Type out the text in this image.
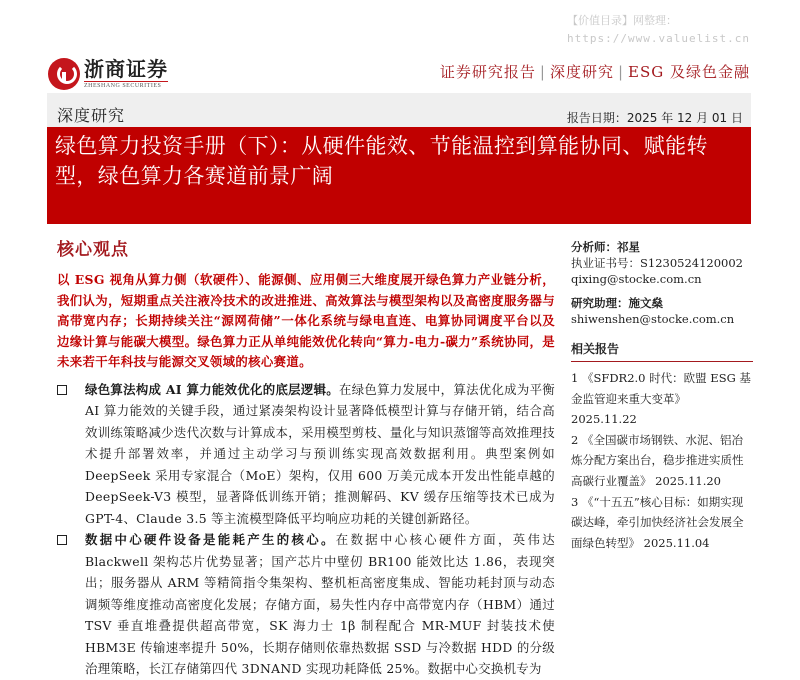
【价值目录】网整理：
https://www.valuelist.cn
浙商证券
ZHESHANG SECURITIES
证券研究报告 | 深度研究 | ESG 及绿色金融
深度研究	报告日期：2025 年 12 月 01 日
绿色算力投资手册（下）：从硬件能效、节能温控到算能协同、赋能转型，绿色算力各赛道前景广阔
核心观点
以 ESG 视角从算力侧（软硬件）、能源侧、应用侧三大维度展开绿色算力产业链分析，我们认为，短期重点关注液冷技术的改进推进、高效算法与模型架构以及高密度服务器与高带宽内存；长期持续关注“源网荷储”一体化系统与绿电直连、电算协同调度平台以及边缘计算与能碳大模型。绿色算力正从单纯能效优化转向“算力-电力-碳力”系统协同，是未来若干年科技与能源交叉领域的核心赛道。
绿色算法构成 AI 算力能效优化的底层逻辑。在绿色算力发展中，算法优化成为平衡 AI 算力能效的关键手段，通过紧凑架构设计显著降低模型计算与存储开销，结合高效训练策略减少迭代次数与计算成本，采用模型剪枝、量化与知识蒸馏等高效推理技术提升部署效率，并通过主动学习与预训练实现高效数据利用。典型案例如 DeepSeek 采用专家混合（MoE）架构，仅用 600 万美元成本开发出性能卓越的 DeepSeek-V3 模型，显著降低训练开销；推测解码、KV 缓存压缩等技术已成为 GPT-4、Claude 3.5 等主流模型降低平均响应功耗的关键创新路径。
数据中心硬件设备是能耗产生的核心。在数据中心核心硬件方面，英伟达 Blackwell 架构芯片优势显著；国产芯片中壁仞 BR100 能效比达 1.86，表现突出；服务器从 ARM 等精简指令集架构、整机柜高密度集成、智能功耗封顶与动态调频等维度推动高密度化发展；存储方面，易失性内存中高带宽内存（HBM）通过 TSV 垂直堆叠提供超高带宽，SK 海力士 1β 制程配合 MR-MUF 封装技术使 HBM3E 传输速率提升 50%，长期存储则依靠热数据 SSD 与冷数据 HDD 的分级治理策略，长江存储第四代 3DNAND 实现功耗降低 25%。数据中心交换机专为
分析师：祁星
执业证书号：S1230524120002
qixing@stocke.com.cn
研究助理：施文燊
shiwenshen@stocke.com.cn
相关报告
1 《SFDR2.0 时代：欧盟 ESG 基金监管迎来重大变革》 2025.11.22
2 《全国碳市场钢铁、水泥、铝冶炼分配方案出台，稳步推进实质性高碳行业覆盖》 2025.11.20
3 《“十五五”核心目标：如期实现碳达峰，牵引加快经济社会发展全面绿色转型》 2025.11.04
